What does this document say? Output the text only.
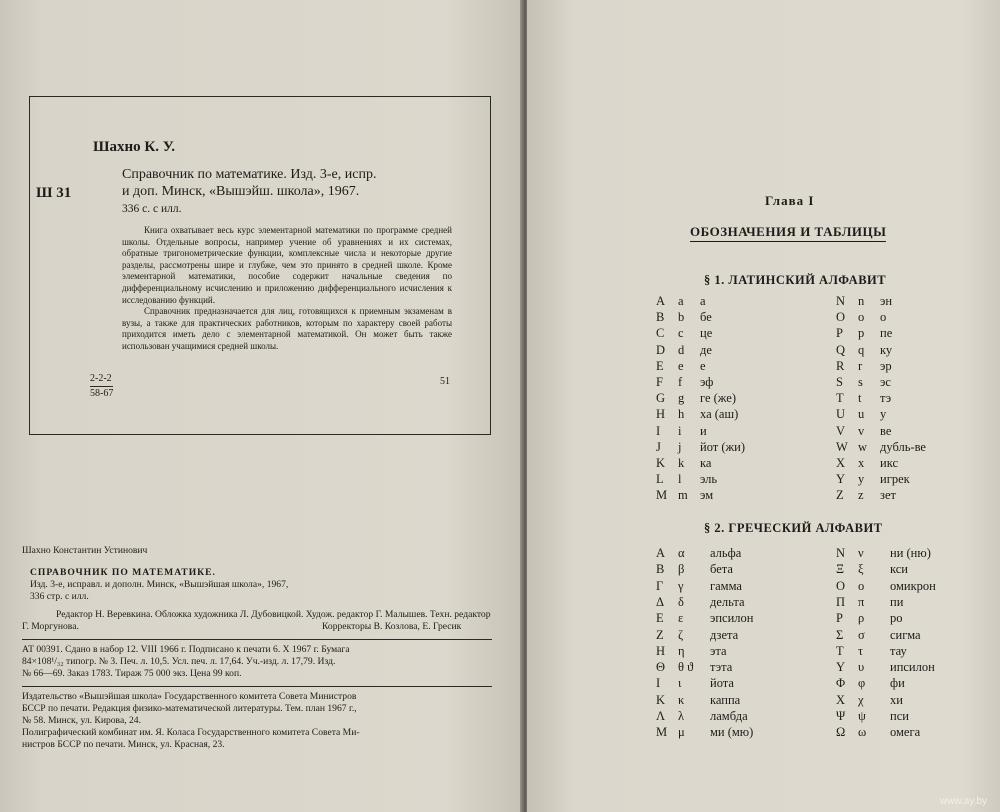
Шахно К. У.
Ш 31
Справочник по математике. Изд. 3-е, испр.
и доп. Минск, «Вышэйш. школа», 1967.
336 с. с илл.

Книга охватывает весь курс элементарной математики по программе средней школы. Отдельные вопросы, например учение об уравнениях и их системах, обратные тригонометрические функции, комплексные числа и некоторые другие разделы, рассмотрены шире и глубже, чем это принято в средней школе. Кроме элементарной математики, пособие содержит начальные сведения по дифференциальному исчислению и приложению дифференциального исчисления к исследованию функций.

Справочник предназначается для лиц, готовящихся к приемным экзаменам в вузы, а также для практических работников, которым по характеру своей работы приходится иметь дело с элементарной математикой. Он может быть также использован учащимися средней школы.

2-2-2
58-67
51
Шахно Константин Устинович
СПРАВОЧНИК ПО МАТЕМАТИКЕ.
Изд. 3-е, исправл. и дополн. Минск, «Вышэйшая школа», 1967,
336 стр. с илл.
Редактор Н. Веревкина. Обложка художника Л. Дубовицкой. Худож. редактор Г. Малышев. Техн. редактор Г. Моргунова.	Корректоры В. Козлова, Е. Гресик
АТ 00391. Сдано в набор 12. VIII 1966 г. Подписано к печати 6. X 1967 г. Бумага
84×108¹/₃₂ типогр. № 3. Печ. л. 10,5. Усл. печ. л. 17,64. Уч.-изд. л. 17,79. Изд.
№ 66—69. Заказ 1783. Тираж 75 000 экз. Цена 99 коп.
Издательство «Вышэйшая школа» Государственного комитета Совета Министров
БССР по печати. Редакция физико-математической литературы. Тем. план 1967 г.,
№ 58. Минск, ул. Кирова, 24.
Полиграфический комбинат им. Я. Коласа Государственного комитета Совета Ми-
нистров БССР по печати. Минск, ул. Красная, 23.
Глава I
ОБОЗНАЧЕНИЯ И ТАБЛИЦЫ
§ 1. ЛАТИНСКИЙ АЛФАВИТ
A a а
B b бе
C c це
D d де
E e е
F f эф
G g ге (же)
H h ха (аш)
I i и
J j йот (жи)
K k ка
L l эль
M m эм
N n эн
O o о
P p пе
Q q ку
R r эр
S s эс
T t тэ
U u у
V v ве
W w дубль-ве
X x икс
Y y игрек
Z z зет
§ 2. ГРЕЧЕСКИЙ АЛФАВИТ
Α α альфа
Β β бета
Γ γ гамма
Δ δ дельта
Ε ε эпсилон
Ζ ζ дзета
Η η эта
Θ θ ϑ тэта
Ι ι йота
Κ κ каппа
Λ λ ламбда
Μ μ ми (мю)
Ν ν ни (ню)
Ξ ξ кси
Ο ο омикрон
Π π пи
Ρ ρ ро
Σ σ сигма
Τ τ тау
Υ υ ипсилон
Φ φ фи
Χ χ хи
Ψ ψ пси
Ω ω омега
www.ay.by
